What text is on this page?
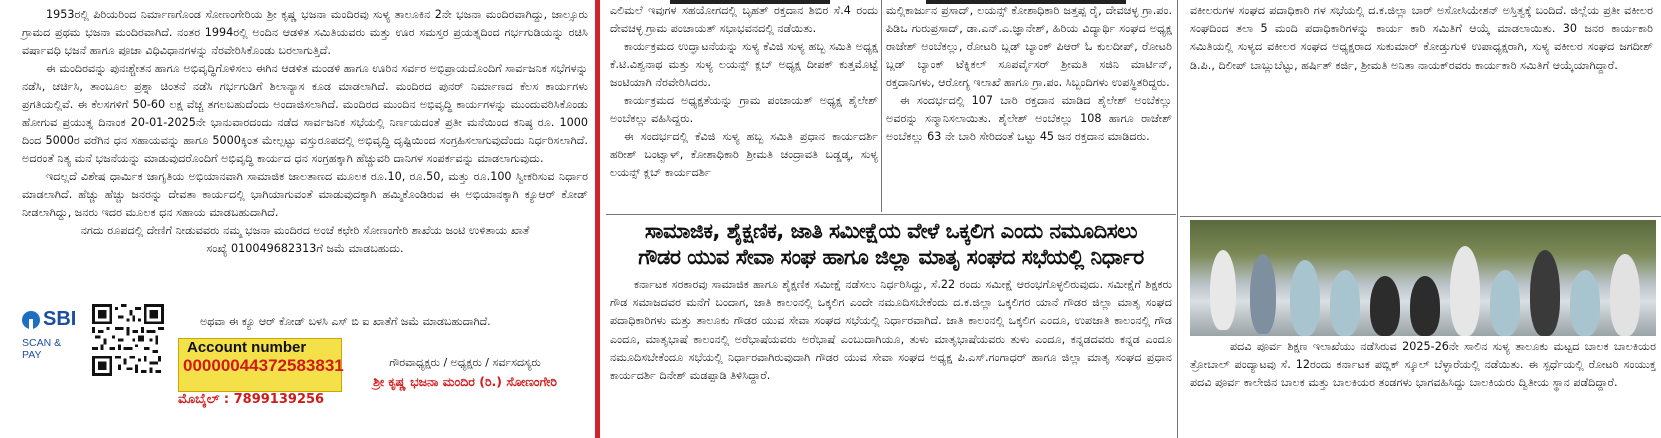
1953ರಲ್ಲಿ ಪಿರಿಯರಿಂದ ನಿರ್ಮಾಣಗೊಂಡ ಸೋಣಂಗೇರಿಯ ಶ್ರೀ ಕೃಷ್ಣ ಭಜನಾ ಮಂದಿರವು ಸುಳ್ಯ ತಾಲೂಕಿನ 2ನೇ ಭಜನಾ ಮಂದಿರವಾಗಿದ್ದು, ಜಾಲ್ಸೂರು ಗ್ರಾಮದ ಪ್ರಥಮ ಭಜನಾ ಮಂದಿರವಾಗಿದೆ. ನಂತರ 1994ರಲ್ಲಿ ಅಂದಿನ ಆಡಳಿತ ಸಮಿತಿಯವರು ಮತ್ತು ಊರ ಸಮಸ್ತರ ಪ್ರಯತ್ನದಿಂದ ಗರ್ಭಗುಡಿಯನ್ನು ರಚಿಸಿ ವರ್ಷಾವಧಿ ಭಜನೆ ಹಾಗೂ ಪೂಜಾ ವಿಧಿವಿಧಾನಗಳನ್ನು ನೆರವೇರಿಸಿಕೊಂಡು ಬರಲಾಗುತ್ತಿದೆ.

ಈ ಮಂದಿರವನ್ನು ಪುನಃಶ್ಚೇತನ ಹಾಗೂ ಅಭಿವೃದ್ಧಿಗೊಳಿಸಲು ಈಗಿನ ಆಡಳಿತ ಮಂಡಳಿ ಹಾಗೂ ಊರಿನ ಸರ್ವರ ಅಭಿಪ್ರಾಯದೊಂದಿಗೆ ಸಾರ್ವಜನಿಕ ಸಭೆಗಳನ್ನು ನಡೆಸಿ, ಚರ್ಚಿಸಿ, ತಾಂಬೂಲ ಪ್ರಶ್ನಾ ಚಿಂತನೆ ನಡೆಸಿ ಗರ್ಭಗುಡಿಗೆ ಶಿಲಾನ್ಯಾಸ ಕೂಡ ಮಾಡಲಾಗಿದೆ. ಮಂದಿರದ ಪುನರ್ ನಿರ್ಮಾಣದ ಕೆಲಸ ಕಾರ್ಯಗಳು ಪ್ರಗತಿಯಲ್ಲಿವೆ. ಈ ಕೆಲಸಗಳಿಗೆ 50-60 ಲಕ್ಷ ವೆಚ್ಚ ತಗಲಬಹುದೆಂದು ಅಂದಾಜಿಸಲಾಗಿದೆ. ಮಂದಿರದ ಮುಂದಿನ ಅಭಿವೃದ್ಧಿ ಕಾರ್ಯಗಳನ್ನು ಮುಂದುವರಿಸಿಕೊಂಡು ಹೋಗುವ ಪ್ರಯುತ್ನ ದಿನಾಂಕ 20-01-2025ನೇ ಭಾನುವಾರದಂದು ನಡೆದ ಸಾರ್ವಜನಿಕ ಸಭೆಯಲ್ಲಿ ನಿರ್ಣಯದಂತೆ ಪ್ರತೀ ಮನೆಯಿಂದ ಕನಿಷ್ಠ ರೂ. 1000 ದಿಂದ 5000ರ ವರೆಗಿನ ಧನ ಸಹಾಯವನ್ನು ಹಾಗೂ 5000ಕ್ಕಿಂತ ಮೇಲ್ಪಟ್ಟು ವಸ್ತುರೂಪದಲ್ಲಿ ಅಭಿವೃದ್ಧಿ ದೃಷ್ಟಿಯಿಂದ ಸಂಗ್ರಹಿಸಲಾಗುವುದೆಂದು ನಿರ್ಧರಿಸಲಾಗಿದೆ. ಅದರಂತೆ ನಿತ್ಯ ಮನೆ ಭಜನೆಯನ್ನು ಮಾಡುವುದರೊಂದಿಗೆ ಅಭಿವೃದ್ಧಿ ಕಾರ್ಯದ ಧನ ಸಂಗ್ರಹಕ್ಕಾಗಿ ಹೆಚ್ಚುವರಿ ದಾನಿಗಳ ಸಂಪರ್ಕವನ್ನು ಮಾಡಲಾಗುವುದು.

ಇದಲ್ಲದೆ ವಿಶೇಷ ಧಾರ್ಮಿಕ ಜಾಗೃತಿಯ ಅಭಿಯಾನವಾಗಿ ಸಾಮಾಜಿಕ ಜಾಲತಾಣದ ಮೂಲಕ ರೂ.10, ರೂ.50, ಮತ್ತು ರೂ.100 ಸ್ವೀಕರಿಸುವ ನಿರ್ಧಾರ ಮಾಡಲಾಗಿದೆ. ಹೆಚ್ಚು ಹೆಚ್ಚು ಜನರನ್ನು ದೇವತಾ ಕಾರ್ಯದಲ್ಲಿ ಭಾಗಿಯಾಗುವಂತೆ ಮಾಡುವುದಕ್ಕಾಗಿ ಹಮ್ಮಿಕೊಂಡಿರುವ ಈ ಅಭಿಯಾನಕ್ಕಾಗಿ ಕ್ಯೂಆರ್ ಕೋಡ್ ನೀಡಲಾಗಿದ್ದು, ಜನರು ಇದರ ಮೂಲಕ ಧನ ಸಹಾಯ ಮಾಡಬಹುದಾಗಿದೆ.

ನಗದು ರೂಪದಲ್ಲಿ ದೇಣಿಗೆ ನೀಡುವವರು ನಮ್ಮ ಭಜನಾ ಮಂದಿರದ ಅಂಚೆ ಕಛೇರಿ ಸೋಣಂಗೇರಿ ಶಾಖೆಯ ಜಂಟಿ ಉಳಿತಾಯ ಖಾತೆ

ಸಂಖ್ಯೆ 010049682313ಗೆ ಜಮೆ ಮಾಡಬಹುದು.

SBI
SCAN & PAY
ಅಥವಾ ಈ ಕ್ಯೂ ಆರ್ ಕೋಡ್ ಬಳಸಿ ಎಸ್ ಬಿ ಐ ಖಾತೆಗೆ ಜಮೆ ಮಾಡಬಹುದಾಗಿದೆ.
Account number
00000044372583831
ಮೊಬೈಲ್ : 7899139256
ಗೌರವಾಧ್ಯಕ್ಷರು / ಅಧ್ಯಕ್ಷರು / ಸರ್ವಸದಸ್ಯರು
ಶ್ರೀ ಕೃಷ್ಣ ಭಜನಾ ಮಂದಿರ (ರಿ.) ಸೋಣಂಗೇರಿ

ಎಲಿಮಲೆ ಇವುಗಳ ಸಹಯೋಗದಲ್ಲಿ ಬೃಹತ್ ರಕ್ತದಾನ ಶಿಬಿರ ಸೆ.4 ರಂದು ದೇವಚಳ್ಳ ಗ್ರಾಮ ಪಂಚಾಯತ್ ಸಭಾಭವನದಲ್ಲಿ ನಡೆಯಿತು.

ಕಾರ್ಯಕ್ರಮದ ಉದ್ಘಾಟನೆಯನ್ನು ಸುಳ್ಯ ಕೆವಿಜಿ ಸುಳ್ಯ ಹಬ್ಬ ಸಮಿತಿ ಅಧ್ಯಕ್ಷ ಕೆ.ಟಿ.ವಿಶ್ವನಾಥ ಮತ್ತು ಸುಳ್ಯ ಲಯನ್ಸ್ ಕ್ಲಬ್ ಅಧ್ಯಕ್ಷ ದೀಪಕ್ ಕುತ್ತಮೊಟ್ಟೆ ಜಂಟಿಯಾಗಿ ನೆರವೇರಿಸಿದರು.

ಕಾರ್ಯಕ್ರಮದ ಅಧ್ಯಕ್ಷತೆಯನ್ನು ಗ್ರಾಮ ಪಂಚಾಯತ್ ಅಧ್ಯಕ್ಷ ಶೈಲೇಶ್ ಅಂಬೆಕಲ್ಲು ವಹಿಸಿದ್ದರು.

ಈ ಸಂದರ್ಭದಲ್ಲಿ ಕೆವಿಜಿ ಸುಳ್ಯ ಹಬ್ಬ ಸಮಿತಿ ಪ್ರಧಾನ ಕಾರ್ಯದರ್ಶಿ ಹರೀಶ್ ಬಂಟ್ವಾಳ್, ಕೋಶಾಧಿಕಾರಿ ಶ್ರೀಮತಿ ಚಂದ್ರಾವತಿ ಬಡ್ಡಡ್ಕ, ಸುಳ್ಯ ಲಯನ್ಸ್ ಕ್ಲಬ್ ಕಾರ್ಯದರ್ಶಿ

ಮಲ್ಲಿಕಾರ್ಜುನ ಪ್ರಸಾದ್, ಲಯನ್ಸ್ ಕೋಶಾಧಿಕಾರಿ ಜತ್ತಪ್ಪ ರೈ, ದೇವಚಳ್ಳ ಗ್ರಾ.ಪಂ. ಪಿಡಿಒ ಗುರುಪ್ರಸಾದ್, ಡಾ.ಎನ್.ಎ.ಜ್ಞಾನೇಶ್, ಹಿರಿಯ ವಿದ್ಯಾರ್ಥಿ ಸಂಘದ ಅಧ್ಯಕ್ಷ ರಾಜೇಶ್ ಅಂಬೆಕಲ್ಲು, ರೋಟರಿ ಬ್ಲಡ್ ಬ್ಯಾಂಕ್ ಪಿಆರ್ ಓ ಕುಲದೀಪ್, ರೋಟರಿ ಬ್ಲಡ್ ಬ್ಯಾಂಕ್ ಟೆಕ್ನಿಕಲ್ ಸೂಪರ್ವೈಸರ್ ಶ್ರೀಮತಿ ಸಜಿನಿ ಮಾರ್ಟಿನ್, ರಕ್ತದಾನಿಗಳು, ಆರೋಗ್ಯ ಇಲಾಖೆ ಹಾಗೂ ಗ್ರಾ.ಪಂ. ಸಿಬ್ಬಂದಿಗಳು ಉಪಸ್ಥಿತರಿದ್ದರು.

ಈ ಸಂದರ್ಭದಲ್ಲಿ 107 ಬಾರಿ ರಕ್ತದಾನ ಮಾಡಿದ ಶೈಲೇಶ್ ಅಂಬೆಕಲ್ಲು ಅವರನ್ನು ಸನ್ಮಾನಿಸಲಾಯಿತು. ಶೈಲೇಶ್ ಅಂಬೆಕಲ್ಲು 108 ಹಾಗೂ ರಾಜೇಶ್ ಅಂಬೆಕಲ್ಲು 63 ನೇ ಬಾರಿ ಸೇರಿದಂತೆ ಒಟ್ಟು 45 ಜನ ರಕ್ತದಾನ ಮಾಡಿದರು.

ಸಾಮಾಜಿಕ, ಶೈಕ್ಷಣಿಕ, ಜಾತಿ ಸಮೀಕ್ಷೆಯ ವೇಳೆ ಒಕ್ಕಲಿಗ ಎಂದು ನಮೂದಿಸಲು
ಗೌಡರ ಯುವ ಸೇವಾ ಸಂಘ ಹಾಗೂ ಜಿಲ್ಲಾ ಮಾತೃ ಸಂಘದ ಸಭೆಯಲ್ಲಿ ನಿರ್ಧಾರ

ಕರ್ನಾಟಕ ಸರಕಾರವು ಸಾಮಾಜಿಕ ಹಾಗೂ ಶೈಕ್ಷಣಿಕ ಸಮೀಕ್ಷೆ ನಡೆಸಲು ನಿರ್ಧರಿಸಿದ್ದು, ಸೆ.22 ರಂದು ಸಮೀಕ್ಷೆ ಆರಂಭಗೊಳ್ಳಲಿರುವುದು. ಸಮೀಕ್ಷೆಗೆ ಶಿಕ್ಷಕರು ಗೌಡ ಸಮಾಜದವರ ಮನೆಗೆ ಬಂದಾಗ, ಜಾತಿ ಕಾಲಂನಲ್ಲಿ ಒಕ್ಕಲಿಗ ಎಂದೇ ನಮೂದಿಸಬೇಕೆಂದು ದ.ಕ.ಜಿಲ್ಲಾ ಒಕ್ಕಲಿಗರ ಯಾನೆ ಗೌಡರ ಜಿಲ್ಲಾ ಮಾತೃ ಸಂಘದ ಪದಾಧಿಕಾರಿಗಳು ಮತ್ತು ತಾಲೂಕು ಗೌಡರ ಯುವ ಸೇವಾ ಸಂಘದ ಸಭೆಯಲ್ಲಿ ನಿರ್ಧಾರವಾಗಿದೆ. ಜಾತಿ ಕಾಲಂನಲ್ಲಿ ಒಕ್ಕಲಿಗ ಎಂದೂ, ಉಪಜಾತಿ ಕಾಲಂನಲ್ಲಿ ಗೌಡ ಎಂದೂ, ಮಾತೃಭಾಷೆ ಕಾಲಂನಲ್ಲಿ ಅರೆಭಾಷೆಯವರು ಅರೆಭಾಷೆ ಎಂಬುದಾಗಿಯೂ, ತುಳು ಮಾತೃಭಾಷೆಯವರು ತುಳು ಎಂದೂ, ಕನ್ನಡದವರು ಕನ್ನಡ ಎಂದೂ ನಮೂದಿಸಬೇಕೆಂದೂ ಸಭೆಯಲ್ಲಿ ನಿರ್ಧಾರವಾಗಿರುವುದಾಗಿ ಗೌಡರ ಯುವ ಸೇವಾ ಸಂಘದ ಅಧ್ಯಕ್ಷ ಪಿ.ಎಸ್.ಗಂಗಾಧರ್ ಹಾಗೂ ಜಿಲ್ಲಾ ಮಾತೃ ಸಂಘದ ಪ್ರಧಾನ ಕಾರ್ಯದರ್ಶಿ ದಿನೇಶ್ ಮಡಪ್ಪಾಡಿ ತಿಳಿಸಿದ್ದಾರೆ.

ವಕೀಲರುಗಳ ಸಂಘದ ಪದಾಧಿಕಾರಿ ಗಳ ಸಭೆಯಲ್ಲಿ ದ.ಕ.ಜಿಲ್ಲಾ ಬಾರ್ ಅಸೋಸಿಯೇಶನ್ ಅಸ್ತಿತ್ವಕ್ಕೆ ಬಂದಿದೆ. ಜಿಲ್ಲೆಯ ಪ್ರತೀ ವಕೀಲರ ಸಂಘದಿಂದ ತಲಾ 5 ಮಂದಿ ಪದಾಧಿಕಾರಿಗಳನ್ನು ಕಾರ್ಯ ಕಾರಿ ಸಮಿತಿಗೆ ಆಯ್ಕೆ ಮಾಡಲಾಯಿತು. 30 ಜನರ ಕಾರ್ಯಕಾರಿ ಸಮಿತಿಯಲ್ಲಿ ಸುಳ್ಯದ ವಕೀಲರ ಸಂಘದ ಅಧ್ಯಕ್ಷರಾದ ಸುಕುಮಾರ್ ಕೋಡ್ತುಗುಳಿ ಉಪಾಧ್ಯಕ್ಷರಾಗಿ, ಸುಳ್ಯ ವಕೀಲರ ಸಂಘದ ಜಗದೀಶ್ ಡಿ.ಪಿ., ದಿಲೀಪ್ ಬಾಬ್ಲುಬೆಟ್ಟು, ಹರ್ಷಿತ್ ಕರ್ಜಿ, ಶ್ರೀಮತಿ ಅನಿತಾ ನಾಯಕ್‌ರವರು ಕಾರ್ಯಕಾರಿ ಸಮಿತಿಗೆ ಆಯ್ಕೆಯಾಗಿದ್ದಾರೆ.

ಪದವಿ ಪೂರ್ವ ಶಿಕ್ಷಣ ಇಲಾಖೆಯು ನಡೆಸಿರುವ 2025-26ನೇ ಸಾಲಿನ ಸುಳ್ಯ ತಾಲೂಕು ಮಟ್ಟದ ಬಾಲಕ ಬಾಲಕಿಯರ ತ್ರೋಬಾಲ್ ಪಂದ್ಯಾಟವು ಸೆ. 12ರಂದು ಕರ್ನಾಟಕ ಪಬ್ಲಿಕ್ ಸ್ಕೂಲ್ ಬೆಳ್ಳಾರೆಯಲ್ಲಿ ನಡೆಯಿತು. ಈ ಸ್ಪರ್ಧೆಯಲ್ಲಿ ರೋಟರಿ ಸಂಯುಕ್ತ ಪದವಿ ಪೂರ್ವ ಕಾಲೇಜಿನ ಬಾಲಕ ಮತ್ತು ಬಾಲಕಿಯರ ತಂಡಗಳು ಭಾಗವಹಿಸಿದ್ದು ಬಾಲಕಿಯರು ದ್ವಿತೀಯ ಸ್ಥಾನ ಪಡೆದಿದ್ದಾರೆ.
